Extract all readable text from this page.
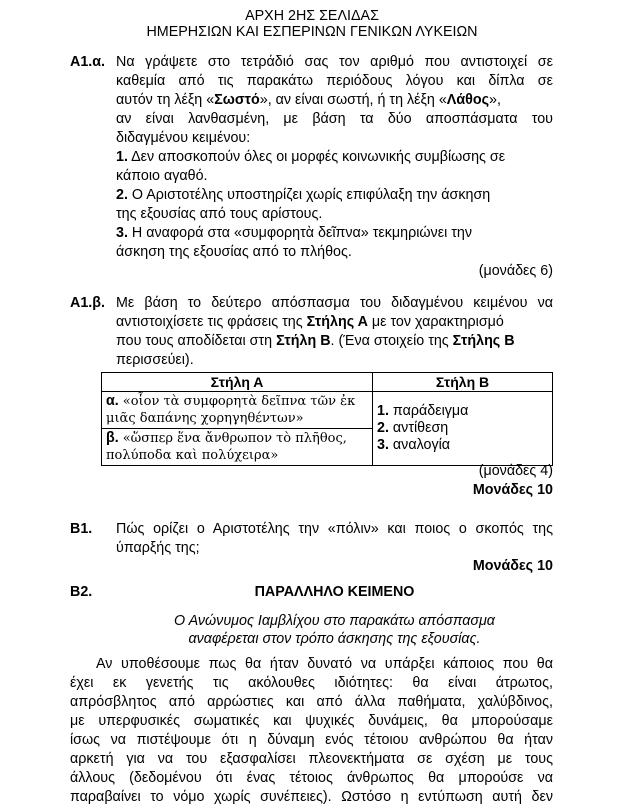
ΑΡΧΗ 2ΗΣ ΣΕΛΙΔΑΣ
ΗΜΕΡΗΣΙΩΝ ΚΑΙ ΕΣΠΕΡΙΝΩΝ ΓΕΝΙΚΩΝ ΛΥΚΕΙΩΝ
Α1.α. Να γράψετε στο τετράδιό σας τον αριθμό που αντιστοιχεί σε
καθεμία από τις παρακάτω περιόδους λόγου και δίπλα σε
αυτόν τη λέξη «Σωστό», αν είναι σωστή, ή τη λέξη «Λάθος»,
αν είναι λανθασμένη, με βάση τα δύο αποσπάσματα του
διδαγμένου κειμένου:
1. Δεν αποσκοπούν όλες οι μορφές κοινωνικής συμβίωσης σε
κάποιο αγαθό.
2. Ο Αριστοτέλης υποστηρίζει χωρίς επιφύλαξη την άσκηση
της εξουσίας από τους αρίστους.
3. Η αναφορά στα «συμφορητὰ δεῖπνα» τεκμηριώνει την
άσκηση της εξουσίας από το πλήθος.
(μονάδες 6)
Α1.β. Με βάση το δεύτερο απόσπασμα του διδαγμένου κειμένου να
αντιστοιχίσετε τις φράσεις της Στήλης Α με τον χαρακτηρισμό
που τους αποδίδεται στη Στήλη Β. (Ένα στοιχείο της Στήλης Β
περισσεύει).
Στήλη Α	Στήλη Β
α. «οἷον τὰ συμφορητὰ δεῖπνα τῶν ἐκ
μιᾶς δαπάνης χορηγηθέντων»	1. παράδειγμα
2. αντίθεση
3. αναλογία

β. «ὥσπερ ἕνα ἄνθρωπον τὸ πλῆθος,
πολύποδα καὶ πολύχειρα»	
(μονάδες 4)
Μονάδες 10
Β1. Πώς ορίζει ο Αριστοτέλης την «πόλιν» και ποιος ο σκοπός της
ύπαρξής της;
Μονάδες 10
Β2.	ΠΑΡΑΛΛΗΛΟ ΚΕΙΜΕΝΟ
Ο Ανώνυμος Ιαμβλίχου στο παρακάτω απόσπασμα
αναφέρεται στον τρόπο άσκησης της εξουσίας.
Αν υποθέσουμε πως θα ήταν δυνατό να υπάρξει κάποιος που θα
έχει εκ γενετής τις ακόλουθες ιδιότητες: θα είναι άτρωτος,
απρόσβλητος από αρρώστιες και από άλλα παθήματα, χαλύβδινος,
με υπερφυσικές σωματικές και ψυχικές δυνάμεις, θα μπορούσαμε
ίσως να πιστέψουμε ότι η δύναμη ενός τέτοιου ανθρώπου θα ήταν
αρκετή για να του εξασφαλίσει πλεονεκτήματα σε σχέση με τους
άλλους (δεδομένου ότι ένας τέτοιος άνθρωπος θα μπορούσε να
παραβαίνει το νόμο χωρίς συνέπειες). Ωστόσο η εντύπωση αυτή δεν
